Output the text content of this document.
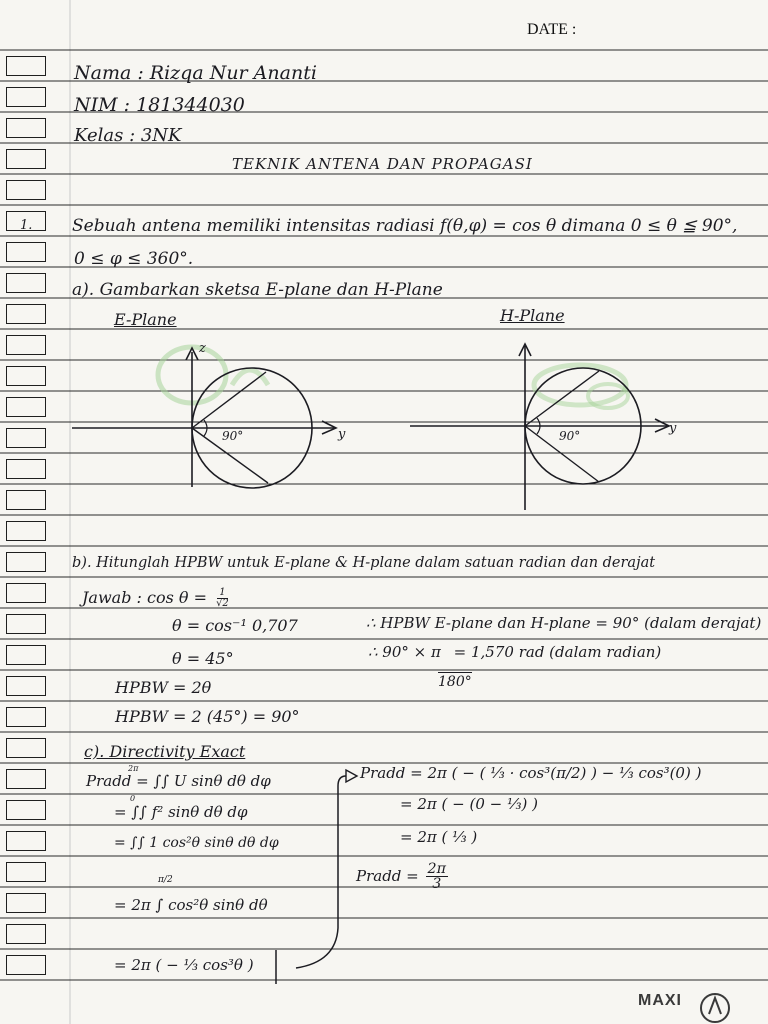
DATE :
Nama : Rizqa Nur Ananti
NIM : 181344030
Kelas : 3NK
TEKNIK ANTENA DAN PROPAGASI
1. Sebuah antena memiliki intensitas radiasi f(θ,φ) = cos θ dimana 0 ≤ θ ≦ 90°,
0 ≤ φ ≤ 360°.
a). Gambarkan sketsa E-plane dan H-Plane
E-Plane	H-Plane
90°
z
y	90°	y
b). Hitunglah HPBW untuk E-plane & H-plane dalam satuan radian dan derajat
Jawab : $\cos \theta = \frac{1}{√2}$
θ = cos⁻¹ 0,707
θ = 45°
HPBW = 2θ
HPBW = 2 (45°) = 90°
∴ HPBW E-plane dan H-plane = 90° (dalam derajat)
∴ 90° × π = 1,570 rad (dalam radian)
180°
c). Directivity Exact
Pradd = ∫∫ U sinθ dθ dφ
2π
0
= ∫∫ f² sinθ dθ dφ
= ∫∫ 1 cos²θ sinθ dθ dφ
= 2π ∫ cos²θ sinθ dθ
π/2
= 2π ( − ⅓ cos³θ )
Pradd = 2π ( − ( ⅓ · cos³(π/2) ) − ⅓ cos³(0) )
= 2π ( − (0 − ⅓) )
= 2π ( ⅓ )
Pradd = $\frac{2\pi}{3}$
MAXI
